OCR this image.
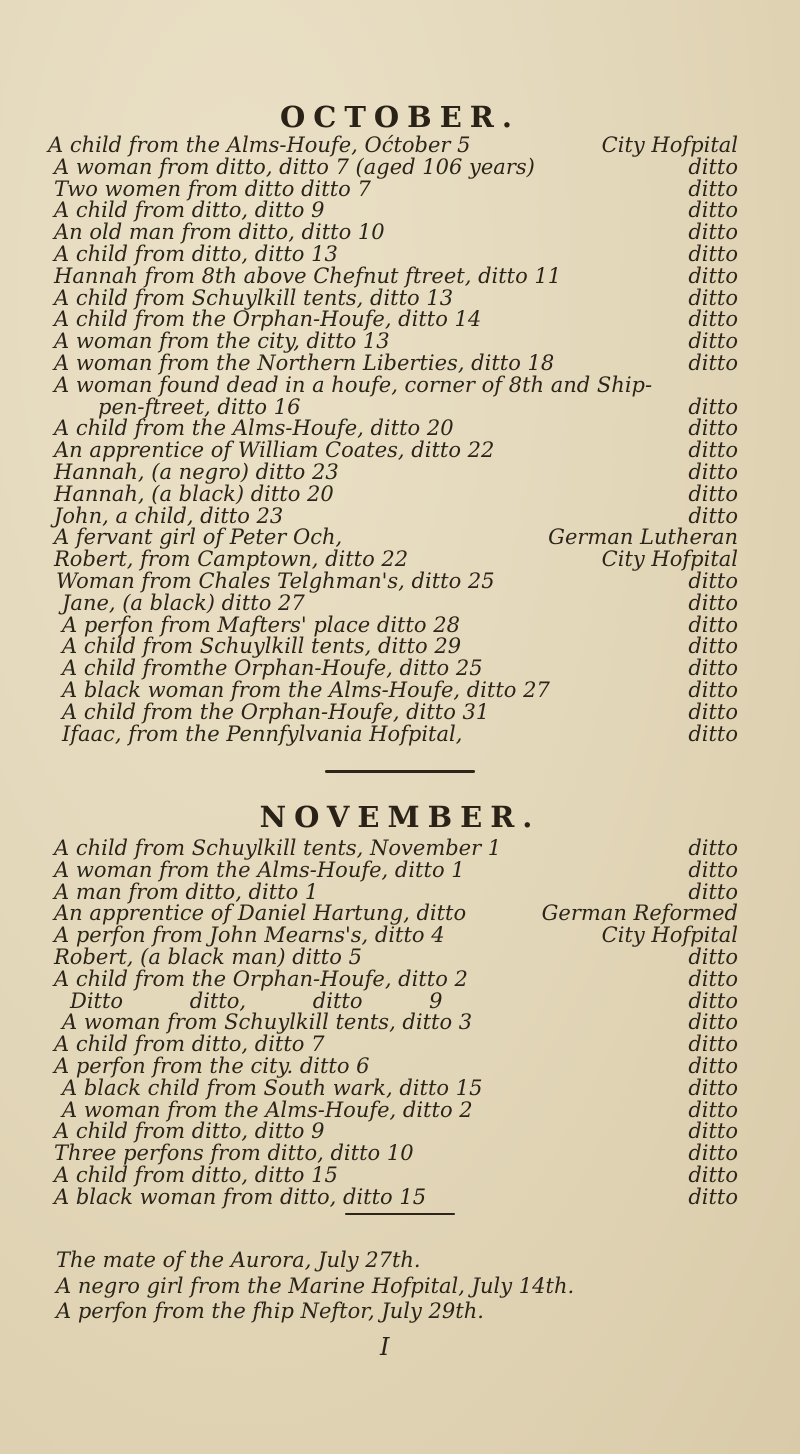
OCTOBER.
A child from the Alms-Houfe, Oćtober 5	City Hofpital
A woman from ditto, ditto 7 (aged 106 years)	ditto
Two women from ditto ditto 7	ditto
A child from ditto, ditto 9	ditto
An old man from ditto, ditto 10	ditto
A child from ditto, ditto 13	ditto
Hannah from 8th above Chefnut ftreet, ditto 11	ditto
A child from Schuylkill tents, ditto 13	ditto
A child from the Orphan-Houfe, ditto 14	ditto
A woman from the city, ditto 13	ditto
A woman from the Northern Liberties, ditto 18	ditto
A woman found dead in a houfe, corner of 8th and Ship-
pen-ftreet, ditto 16	ditto
A child from the Alms-Houfe, ditto 20	ditto
An apprentice of William Coates, ditto 22	ditto
Hannah, (a negro) ditto 23	ditto
Hannah, (a black) ditto 20	ditto
John, a child, ditto 23	ditto
A fervant girl of Peter Och,	German Lutheran
Robert, from Camptown, ditto 22	City Hofpital
Woman from Chales Telghman's, ditto 25	ditto
Jane, (a black) ditto 27	ditto
A perfon from Mafters' place ditto 28	ditto
A child from Schuylkill tents, ditto 29	ditto
A child fromthe Orphan-Houfe, ditto 25	ditto
A black woman from the Alms-Houfe, ditto 27	ditto
A child from the Orphan-Houfe, ditto 31	ditto
Ifaac, from the Pennfylvania Hofpital,	ditto
NOVEMBER.
A child from Schuylkill tents, November 1	ditto
A woman from the Alms-Houfe, ditto 1	ditto
A man from ditto, ditto 1	ditto
An apprentice of Daniel Hartung, ditto	German Reformed
A perfon from John Mearns's, ditto 4	City Hofpital
Robert, (a black man) ditto 5	ditto
A child from the Orphan-Houfe, ditto 2	ditto
Ditto ditto, ditto 9	ditto
A woman from Schuylkill tents, ditto 3	ditto
A child from ditto, ditto 7	ditto
A perfon from the city. ditto 6	ditto
A black child from South wark, ditto 15	ditto
A woman from the Alms-Houfe, ditto 2	ditto
A child from ditto, ditto 9	ditto
Three perfons from ditto, ditto 10	ditto
A child from ditto, ditto 15	ditto
A black woman from ditto, ditto 15	ditto
The mate of the Aurora, July 27th.
A negro girl from the Marine Hofpital, July 14th.
A perfon from the fhip Neftor, July 29th.
I
